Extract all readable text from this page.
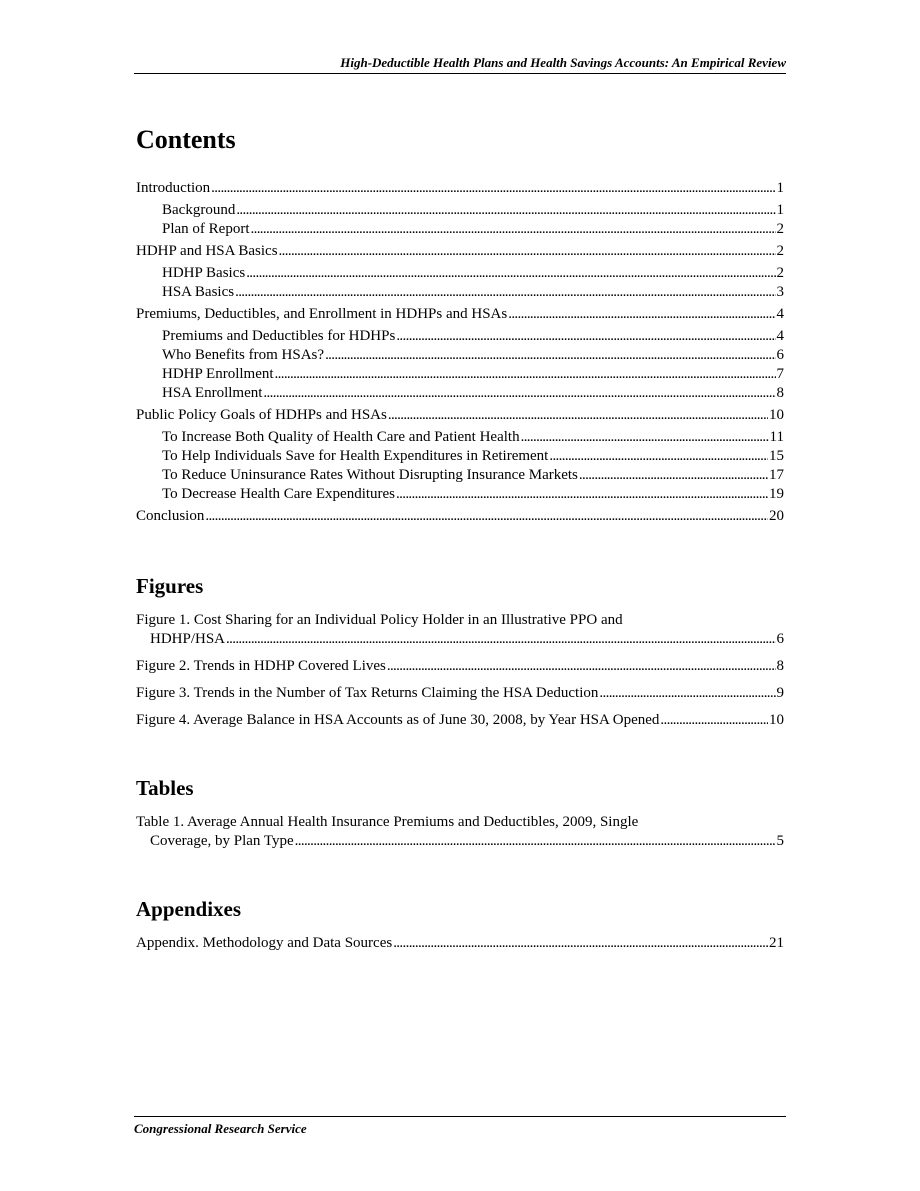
High-Deductible Health Plans and Health Savings Accounts: An Empirical Review
Contents
Introduction . . .	1
Background . . .	1
Plan of Report . . .	2
HDHP and HSA Basics . . .	2
HDHP Basics . . .	2
HSA Basics . . .	3
Premiums, Deductibles, and Enrollment in HDHPs and HSAs . . .	4
Premiums and Deductibles for HDHPs . . .	4
Who Benefits from HSAs? . . .	6
HDHP Enrollment . . .	7
HSA Enrollment . . .	8
Public Policy Goals of HDHPs and HSAs . . .	10
To Increase Both Quality of Health Care and Patient Health . . .	11
To Help Individuals Save for Health Expenditures in Retirement . . .	15
To Reduce Uninsurance Rates Without Disrupting Insurance Markets . . .	17
To Decrease Health Care Expenditures . . .	19
Conclusion . . .	20
Figures
Figure 1. Cost Sharing for an Individual Policy Holder in an Illustrative PPO and
HDHP/HSA . . .	6
Figure 2. Trends in HDHP Covered Lives . . .	8
Figure 3. Trends in the Number of Tax Returns Claiming the HSA Deduction . . .	9
Figure 4. Average Balance in HSA Accounts as of June 30, 2008, by Year HSA Opened . . .	10
Tables
Table 1. Average Annual Health Insurance Premiums and Deductibles, 2009, Single
Coverage, by Plan Type . . .	5
Appendixes
Appendix. Methodology and Data Sources . . .	21
Congressional Research Service
